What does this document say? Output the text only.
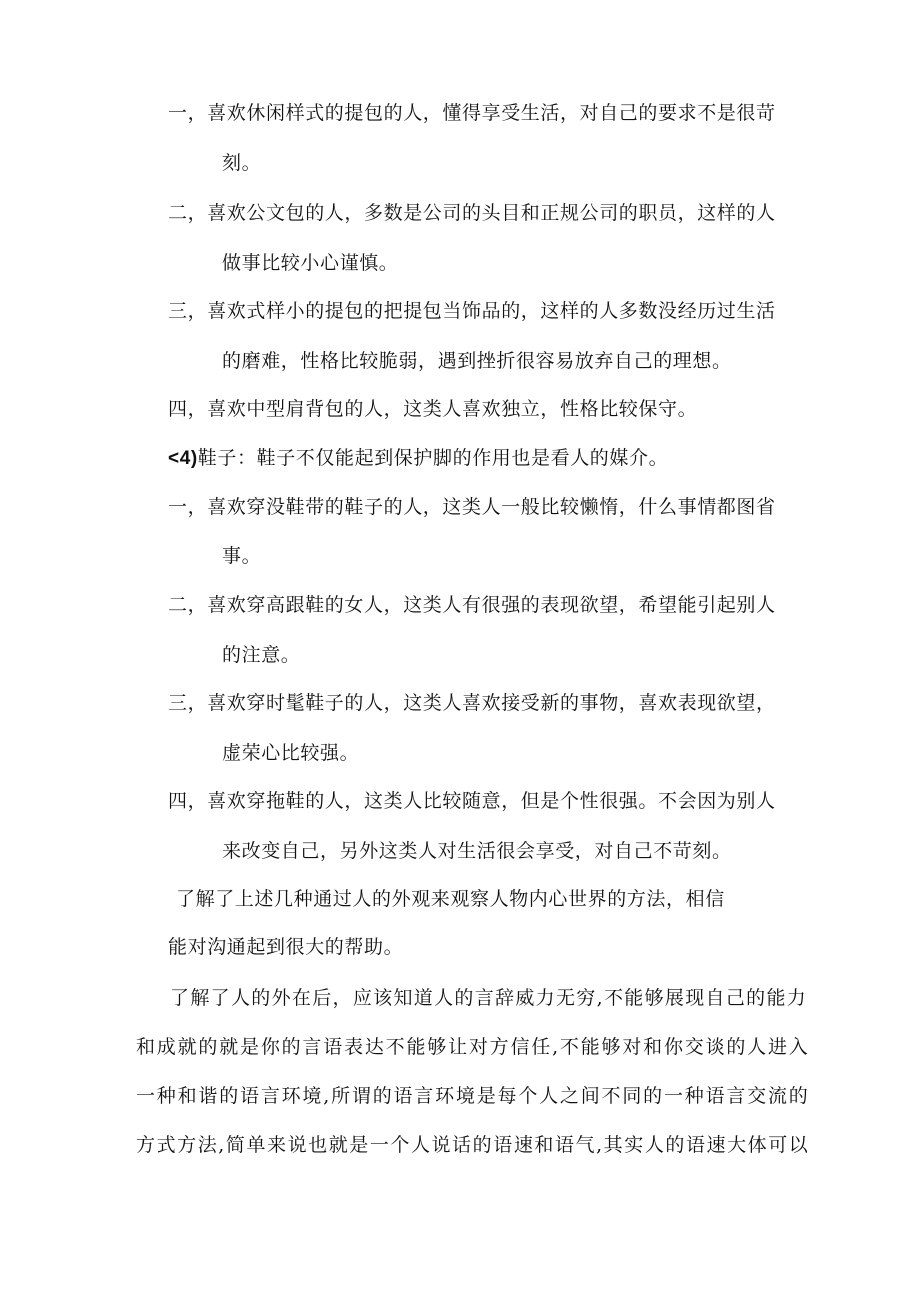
一，喜欢休闲样式的提包的人，懂得享受生活，对自己的要求不是很苛
刻。
二，喜欢公文包的人，多数是公司的头目和正规公司的职员，这样的人
做事比较小心谨慎。
三，喜欢式样小的提包的把提包当饰品的，这样的人多数没经历过生活
的磨难，性格比较脆弱，遇到挫折很容易放弃自己的理想。
四，喜欢中型肩背包的人，这类人喜欢独立，性格比较保守。
<4)鞋子：鞋子不仅能起到保护脚的作用也是看人的媒介。
一，喜欢穿没鞋带的鞋子的人，这类人一般比较懒惰，什么事情都图省
事。
二，喜欢穿高跟鞋的女人，这类人有很强的表现欲望，希望能引起别人
的注意。
三，喜欢穿时髦鞋子的人，这类人喜欢接受新的事物，喜欢表现欲望，
虚荣心比较强。
四，喜欢穿拖鞋的人，这类人比较随意，但是个性很强。不会因为别人
来改变自己，另外这类人对生活很会享受，对自己不苛刻。
了解了上述几种通过人的外观来观察人物内心世界的方法，相信
能对沟通起到很大的帮助。
了解了人的外在后，应该知道人的言辞威力无穷,不能够展现自己的能力
和成就的就是你的言语表达不能够让对方信任,不能够对和你交谈的人进入
一种和谐的语言环境,所谓的语言环境是每个人之间不同的一种语言交流的
方式方法,简单来说也就是一个人说话的语速和语气,其实人的语速大体可以
